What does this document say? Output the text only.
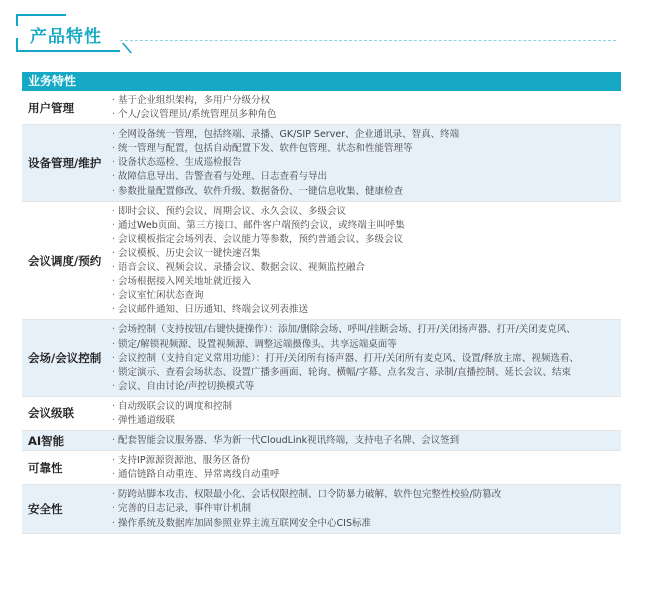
产品特性
业务特性
用户管理
· 基于企业组织架构，多用户分级分权
· 个人/会议管理员/系统管理员多种角色
设备管理/维护
· 全网设备统一管理，包括终端、录播、GK/SIP Server、企业通讯录、智真、终端
· 统一管理与配置，包括自动配置下发、软件包管理、状态和性能管理等
· 设备状态巡检、生成巡检报告
· 故障信息导出、告警查看与处理、日志查看与导出
· 参数批量配置修改、软件升级、数据备份、一键信息收集、健康检查
会议调度/预约
· 即时会议、预约会议、周期会议、永久会议、多级会议
· 通过Web页面、第三方接口、邮件客户端预约会议，或终端主叫呼集
· 会议模板指定会场列表、会议能力等参数，预约普通会议、多级会议
· 会议模板、历史会议一键快速召集
· 语音会议、视频会议、录播会议、数据会议、视频监控融合
· 会场根据接入网关地址就近接入
· 会议室忙闲状态查询
· 会议邮件通知、日历通知、终端会议列表推送
会场/会议控制
· 会场控制（支持按钮/右键快捷操作）：添加/删除会场、呼叫/挂断会场、打开/关闭扬声器、打开/关闭麦克风、
· 锁定/解锁视频源、设置视频源、调整远端摄像头、共享远端桌面等
· 会议控制（支持自定义常用功能）：打开/关闭所有扬声器、打开/关闭所有麦克风、设置/释放主席、视频选看、
· 锁定演示、查看会场状态、设置广播多画面、轮询、横幅/字幕、点名发言、录制/直播控制、延长会议、结束
· 会议、自由讨论/声控切换模式等
会议级联
· 自动级联会议的调度和控制
· 弹性通道级联
AI智能
·	配套智能会议服务器、华为新一代CloudLink视讯终端，支持电子名牌、会议签到
可靠性
· 支持IP源源资源池、服务区备份
· 通信链路自动重连、异常离线自动重呼
安全性
· 防跨站脚本攻击、权限最小化、会话权限控制、口令防暴力破解、软件包完整性校验/防篡改
· 完善的日志记录、事件审计机制
· 操作系统及数据库加固参照业界主流互联网安全中心CIS标准
